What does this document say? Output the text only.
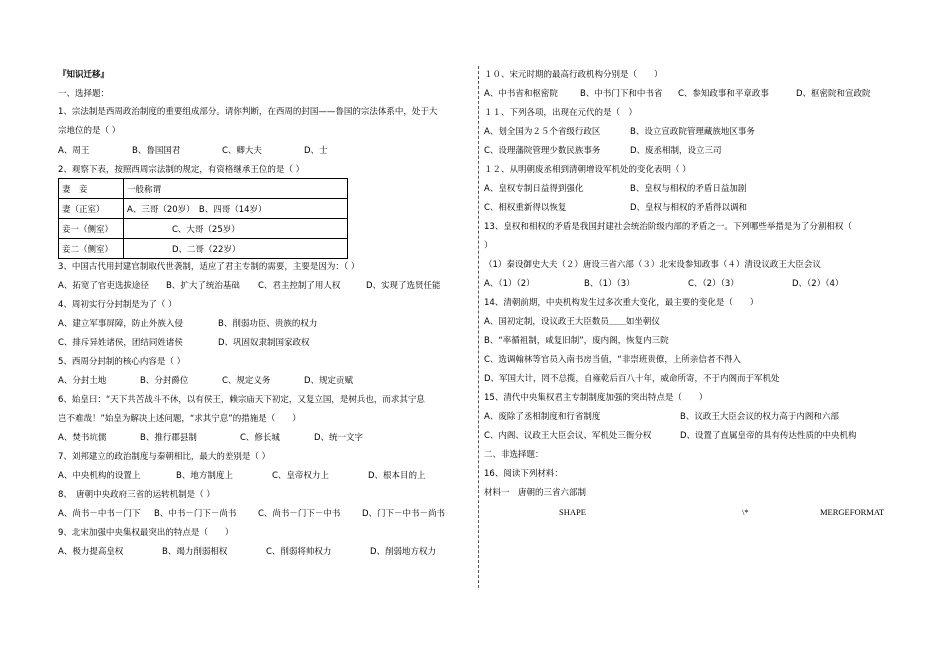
『知识迁移』

一、选择题：

1、宗法制是西周政治制度的重要组成部分。请你判断，在西周的封国——鲁国的宗法体系中，处于大

宗地位的是（ ）

A、周王	B、鲁国国君	C、卿大夫	D、士

2、观察下表，按照西周宗法制的规定，有资格继承王位的是（ ）

妻　妾	一般称谓
妻（正室）	A、三哥（20岁）　B、四哥（14岁）
妾一（侧室）	C、大哥（25岁）
妾二（侧室）	D、二哥（22岁）

3、中国古代用封建官制取代世袭制，适应了君主专制的需要，主要是因为：（ ）

A、拓宽了官吏选拔途径	B、扩大了统治基础	C、君主控制了用人权	D、实现了选贤任能

4、周初实行分封制是为了（ ）

A、建立军事屏障，防止外族入侵	B、削弱功臣、贵族的权力
C、排斥异姓诸侯，团结同姓诸侯	D、巩固奴隶制国家政权

5、西周分封制的核心内容是（ ）

A、分封土地	B、分封爵位	C、规定义务	D、规定贡赋

6、始皇曰：“天下共苦战斗不休，以有侯王，赖宗庙天下初定，又复立国，是树兵也，而求其宁息

岂不难哉！”始皇为解决上述问题，“求其宁息”的措施是（　　）

A、焚书坑儒	B、推行郡县制	C、修长城	D、统一文字

7、刘邦建立的政治制度与秦朝相比，最大的差别是（ ）

A、中央机构的设置上	B、地方制度上	C、皇帝权力上	D、根本目的上

8、　唐朝中央政府三省的运转机制是（ ）

A、尚书－中书－门下	B、中书－门下－尚书	C、尚书－门下－中书	D、门下－中书－尚书

9、北宋加强中央集权最突出的特点是（　　）

A、极力提高皇权	B、竭力削弱相权	C、削弱将帅权力	D、削弱地方权力

１０、宋元时期的最高行政机构分别是（　　）

A、中书省和枢密院	B、中书门下和中书省	C、参知政事和平章政事	D、枢密院和宣政院

１１、下列各项，出现在元代的是（　）

A、划全国为２５个省级行政区	B、设立宣政院管理藏族地区事务
C、设理藩院管理少数民族事务	D、废丞相制，设立三司

１２、从明朝废丞相到清朝增设军机处的变化表明（ ）

A、皇权专制日益得到强化	B、皇权与相权的矛盾日益加剧
C、相权重新得以恢复	D、皇权与相权的矛盾得以调和

13、皇权和相权的矛盾是我国封建社会统治阶级内部的矛盾之一。下列哪些举措是为了分割相权（

）

（1）秦设御史大夫（２）唐设三省六部（３）北宋设参知政事（４）清设议政王大臣会议

A、（1）（2）	B、（1）（3）	C、（2）（3）	D、（2）（4）

14、清朝前期，中央机构发生过多次重大变化，最主要的变化是（　　）

A、国初定制，设议政王大臣数员＿＿如坐朝仪

B、“率循祖制，咸复旧制”，废内阁，恢复内三院

C、选调翰林等官员入南书房当值，“非崇班贵僚，上所亲信者不得入

D、军国大计，罔不总揽，自雍乾后百八十年，威命所寄，不于内阁而于军机处

15、清代中央集权君主专制制度加强的突出特点是（　　）

A、废除了丞相制度和行省制度	B、议政王大臣会议的权力高于内阁和六部
C、内阁、议政王大臣会议、军机处三衙分权	D、设置了直属皇帝的具有传达性质的中央机构

二、非选择题：

16、阅读下列材料：

材料一　唐朝的三省六部制

SHAPE	\*	MERGEFORMAT
